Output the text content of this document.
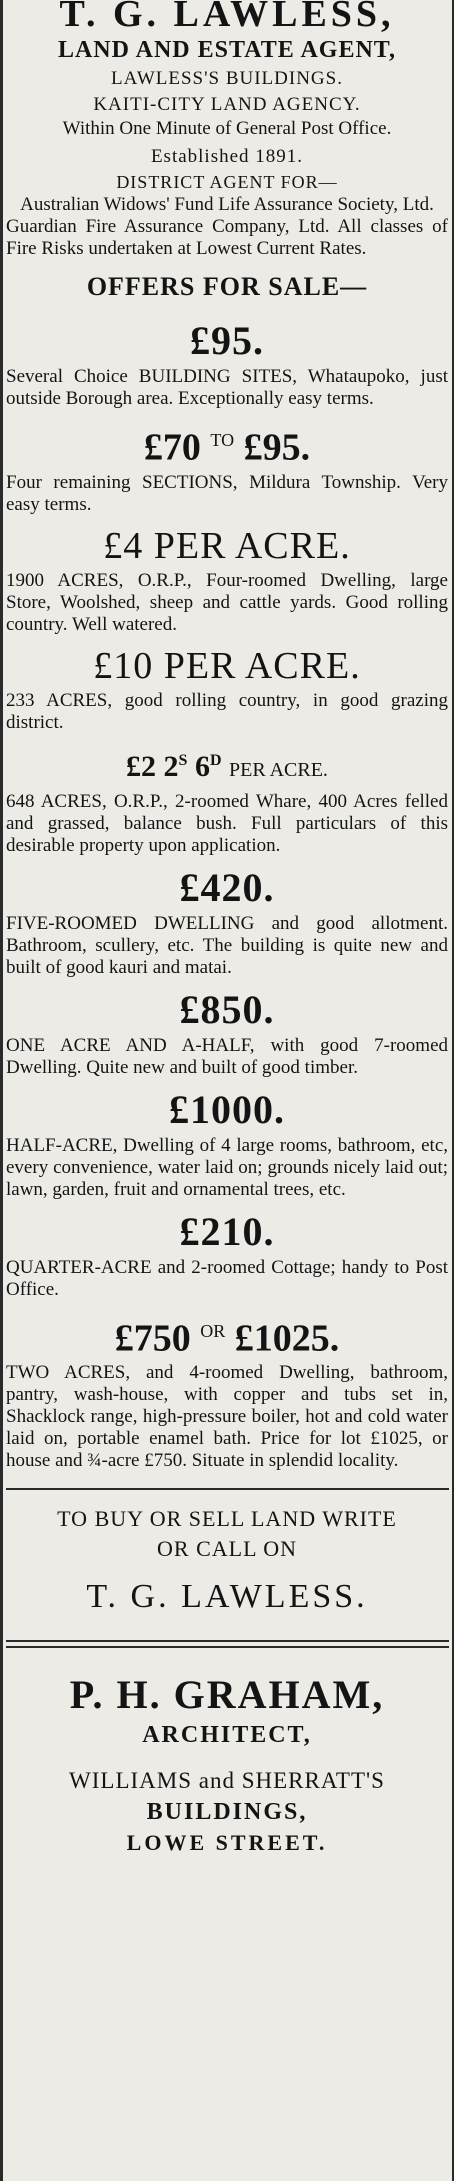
T. G. LAWLESS,

LAND AND ESTATE AGENT,

LAWLESS'S BUILDINGS.

KAITI-CITY LAND AGENCY.

Within One Minute of General Post Office.

Established 1891.

DISTRICT AGENT FOR—

Australian Widows' Fund Life Assurance Society, Ltd.

Guardian Fire Assurance Company, Ltd. All classes of Fire Risks undertaken at Lowest Current Rates.

OFFERS FOR SALE—

£95.

Several Choice BUILDING SITES, Whataupoko, just outside Borough area. Exceptionally easy terms.

£70 $^{TO}$ £95.

Four remaining SECTIONS, Mildura Township. Very easy terms.

£4 PER ACRE.

1900 ACRES, O.R.P., Four-roomed Dwelling, large Store, Woolshed, sheep and cattle yards. Good rolling country. Well watered.

£10 PER ACRE.

233 ACRES, good rolling country, in good grazing district.

£2 $2^S$ $6^D$ PER ACRE.

648 ACRES, O.R.P., 2-roomed Whare, 400 Acres felled and grassed, balance bush. Full particulars of this desirable property upon application.

£420.

FIVE-ROOMED DWELLING and good allotment. Bathroom, scullery, etc. The building is quite new and built of good kauri and matai.

£850.

ONE ACRE AND A-HALF, with good 7-roomed Dwelling. Quite new and built of good timber.

£1000.

HALF-ACRE, Dwelling of 4 large rooms, bathroom, etc, every convenience, water laid on; grounds nicely laid out; lawn, garden, fruit and ornamental trees, etc.

£210.

QUARTER-ACRE and 2-roomed Cottage; handy to Post Office.

£750 $^{OR}$ £1025.

TWO ACRES, and 4-roomed Dwelling, bathroom, pantry, wash-house, with copper and tubs set in, Shacklock range, high-pressure boiler, hot and cold water laid on, portable enamel bath. Price for lot £1025, or house and ¾-acre £750. Situate in splendid locality.

TO BUY OR SELL LAND WRITE

OR CALL ON

T. G. LAWLESS.

P. H. GRAHAM,

ARCHITECT,

WILLIAMS and SHERRATT'S

BUILDINGS,

LOWE STREET.
